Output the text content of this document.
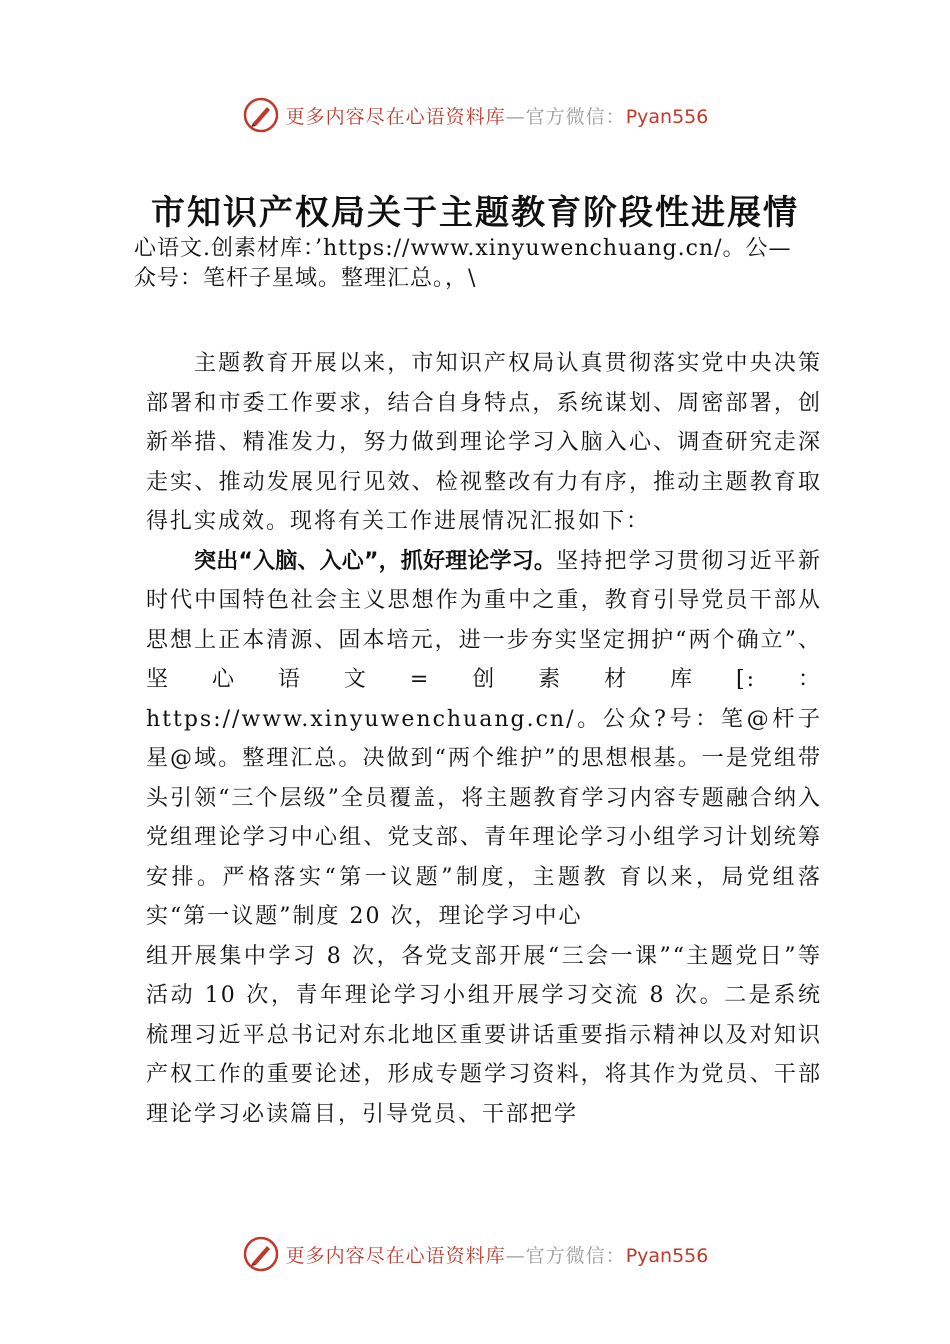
更多内容尽在心语资料库—官方微信：Pyan556
市知识产权局关于主题教育阶段性进展情
心语文.创素材库：’https://www.xinyuwenchuang.cn/。公—
众号：笔杆子星域。整理汇总。，\

主题教育开展以来，市知识产权局认真贯彻落实党中央决策部署和市委工作要求，结合自身特点，系统谋划、周密部署，创新举措、精准发力，努力做到理论学习入脑入心、调查研究走深走实、推动发展见行见效、检视整改有力有序，推动主题教育取得扎实成效。现将有关工作进展情况汇报如下：

突出“入脑、入心”，抓好理论学习。坚持把学习贯彻习近平新时代中国特色社会主义思想作为重中之重，教育引导党员干部从思想上正本清源、固本培元，进一步夯实坚定拥护“两个确立”、坚心语文=创素材库[:：https://www.xinyuwenchuang.cn/。公众?号：笔@杆子星@域。整理汇总。决做到“两个维护”的思想根基。一是党组带头引领“三个层级”全员覆盖，将主题教育学习内容专题融合纳入党组理论学习中心组、党支部、青年理论学习小组学习计划统筹安排。严格落实“第一议题”制度，主题教 育以来，局党组落实“第一议题”制度 20 次，理论学习中心

组开展集中学习 8 次，各党支部开展“三会一课”“主题党日”等活动 10 次，青年理论学习小组开展学习交流 8 次。二是系统梳理习近平总书记对东北地区重要讲话重要指示精神以及对知识产权工作的重要论述，形成专题学习资料，将其作为党员、干部理论学习必读篇目，引导党员、干部把学

更多内容尽在心语资料库—官方微信：Pyan556
